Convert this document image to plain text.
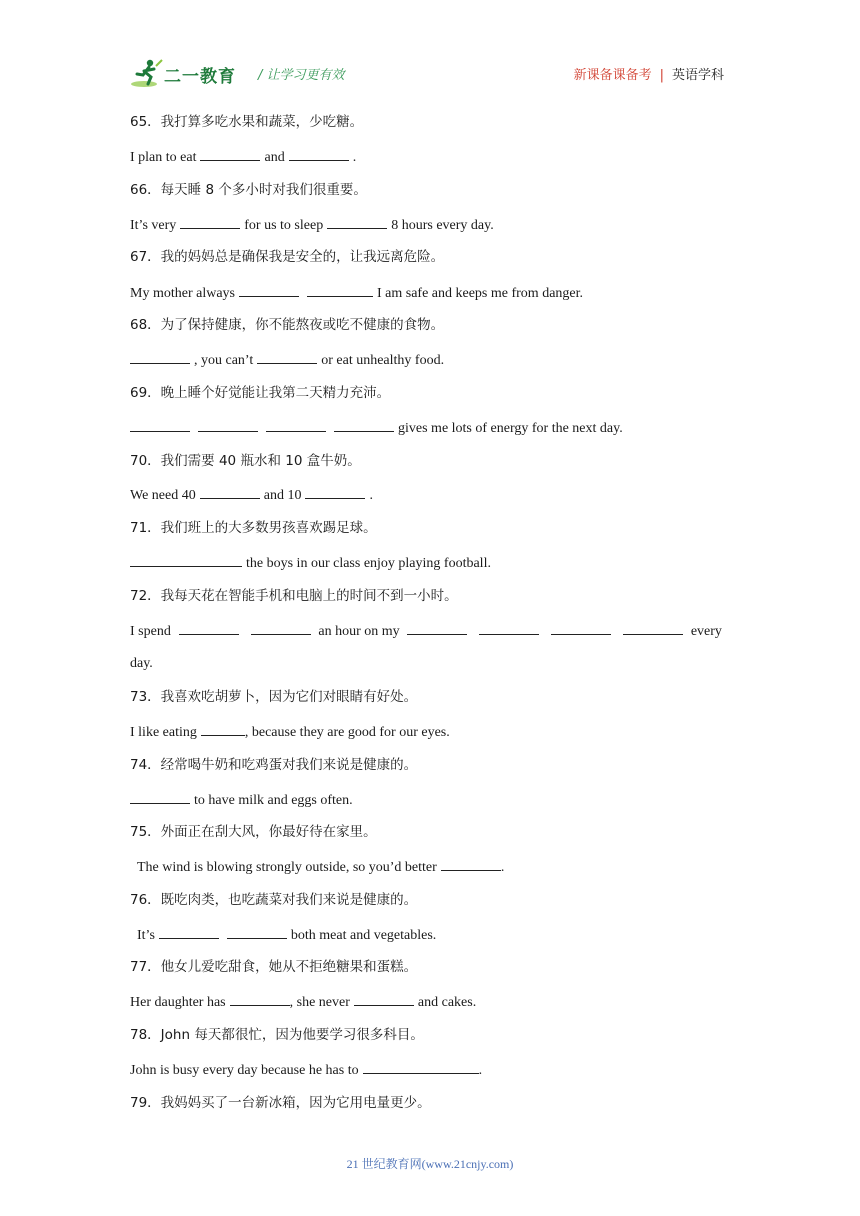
二一教育 / 让学习更有效	新课备课备考 | 英语学科
65．我打算多吃水果和蔬菜，少吃糖。
I plan to eat	and	.
66．每天睡 8 个多小时对我们很重要。
It’s very	for us to sleep	8 hours every day.
67．我的妈妈总是确保我是安全的，让我远离危险。
My mother always	I am safe and keeps me from danger.
68．为了保持健康，你不能熬夜或吃不健康的食物。
, you can’t	or eat unhealthy food.
69．晚上睡个好觉能让我第二天精力充沛。
gives me lots of energy for the next day.
70．我们需要 40 瓶水和 10 盒牛奶。
We need 40	and 10	.
71．我们班上的大多数男孩喜欢踢足球。
the boys in our class enjoy playing football.
72．我每天花在智能手机和电脑上的时间不到一小时。
I spend	an hour on my	every
day.
73．我喜欢吃胡萝卜，因为它们对眼睛有好处。
I like eating	, because they are good for our eyes.
74．经常喝牛奶和吃鸡蛋对我们来说是健康的。
to have milk and eggs often.
75．外面正在刮大风，你最好待在家里。
The wind is blowing strongly outside, so you’d better	.
76．既吃肉类，也吃蔬菜对我们来说是健康的。
It’s	both meat and vegetables.
77．他女儿爱吃甜食，她从不拒绝糖果和蛋糕。
Her daughter has	, she never	and cakes.
78．John 每天都很忙，因为他要学习很多科目。
John is busy every day because he has to	.
79．我妈妈买了一台新冰箱，因为它用电量更少。
21 世纪教育网(www.21cnjy.com)
